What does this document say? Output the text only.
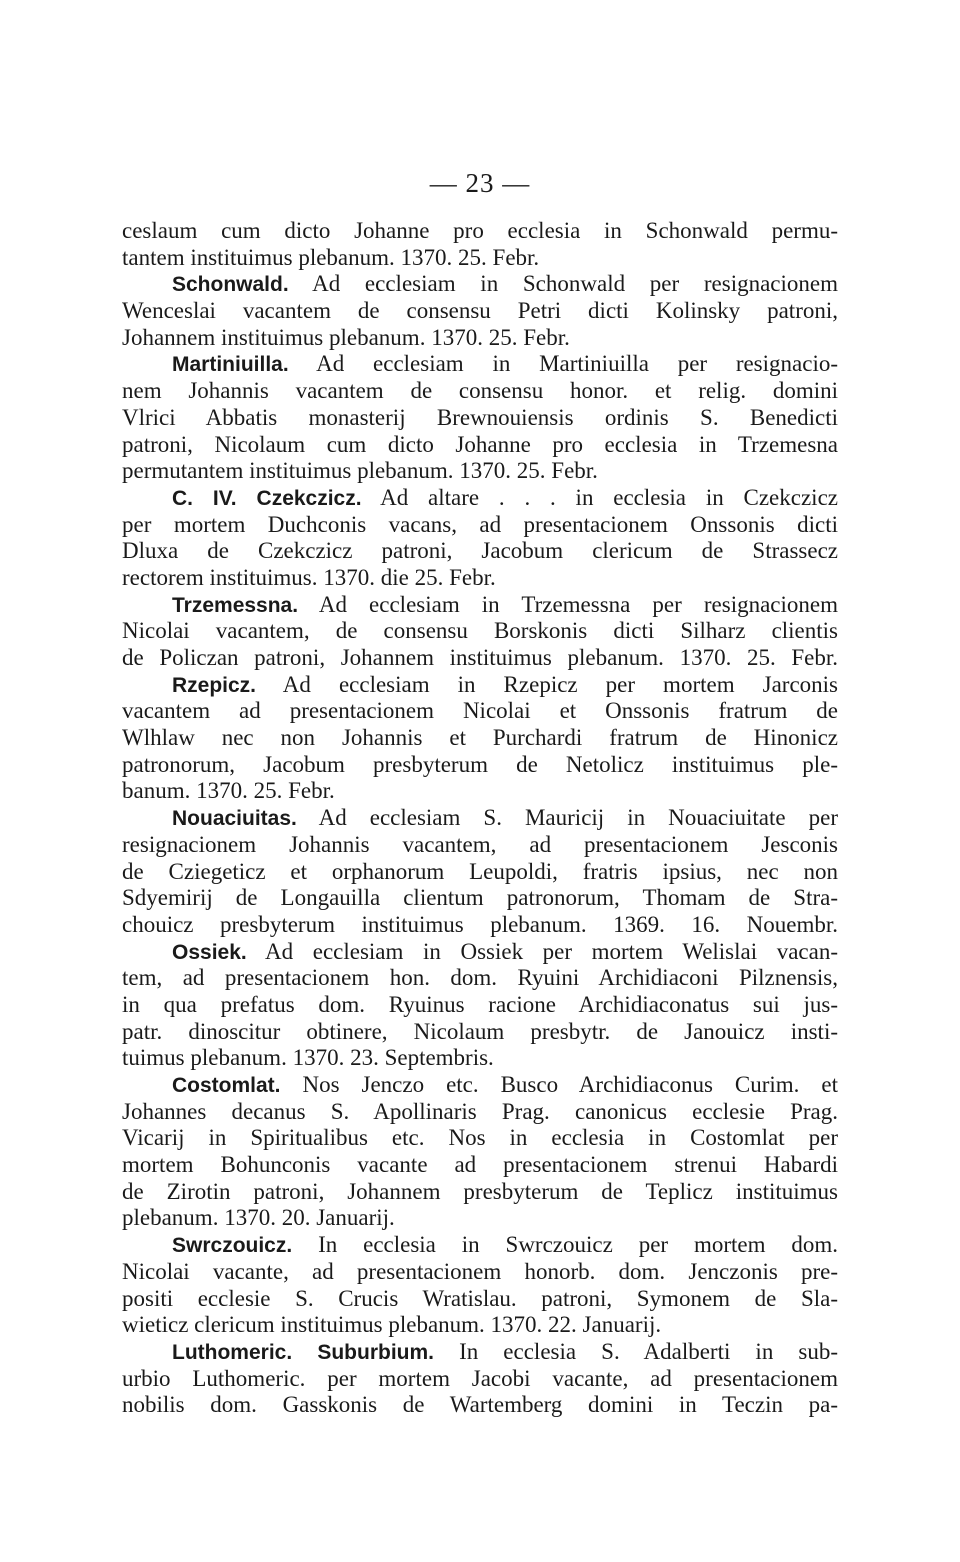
— 23 —
ceslaum cum dicto Johanne pro ecclesia in Schonwald permu-
tantem instituimus plebanum. 1370. 25. Febr.
Schonwald. Ad ecclesiam in Schonwald per resignacionem
Wenceslai vacantem de consensu Petri dicti Kolinsky patroni,
Johannem instituimus plebanum. 1370. 25. Febr.
Martiniuilla. Ad ecclesiam in Martiniuilla per resignacio-
nem Johannis vacantem de consensu honor. et relig. domini
Vlrici Abbatis monasterij Brewnouiensis ordinis S. Benedicti
patroni, Nicolaum cum dicto Johanne pro ecclesia in Trzemesna
permutantem instituimus plebanum. 1370. 25. Febr.
C. IV. Czekczicz. Ad altare . . . in ecclesia in Czekczicz
per mortem Duchconis vacans, ad presentacionem Onssonis dicti
Dluxa de Czekczicz patroni, Jacobum clericum de Strassecz
rectorem instituimus. 1370. die 25. Febr.
Trzemessna. Ad ecclesiam in Trzemessna per resignacionem
Nicolai vacantem, de consensu Borskonis dicti Silharz clientis
de Policzan patroni, Johannem instituimus plebanum. 1370. 25. Febr.
Rzepicz. Ad ecclesiam in Rzepicz per mortem Jarconis
vacantem ad presentacionem Nicolai et Onssonis fratrum de
Wlhlaw nec non Johannis et Purchardi fratrum de Hinonicz
patronorum, Jacobum presbyterum de Netolicz instituimus ple-
banum. 1370. 25. Febr.
Nouaciuitas. Ad ecclesiam S. Mauricij in Nouaciuitate per
resignacionem Johannis vacantem, ad presentacionem Jesconis
de Cziegeticz et orphanorum Leupoldi, fratris ipsius, nec non
Sdyemirij de Longauilla clientum patronorum, Thomam de Stra-
chouicz presbyterum instituimus plebanum. 1369. 16. Nouembr.
Ossiek. Ad ecclesiam in Ossiek per mortem Welislai vacan-
tem, ad presentacionem hon. dom. Ryuini Archidiaconi Pilznensis,
in qua prefatus dom. Ryuinus racione Archidiaconatus sui jus-
patr. dinoscitur obtinere, Nicolaum presbytr. de Janouicz insti-
tuimus plebanum. 1370. 23. Septembris.
Costomlat. Nos Jenczo etc. Busco Archidiaconus Curim. et
Johannes decanus S. Apollinaris Prag. canonicus ecclesie Prag.
Vicarij in Spiritualibus etc. Nos in ecclesia in Costomlat per
mortem Bohunconis vacante ad presentacionem strenui Habardi
de Zirotin patroni, Johannem presbyterum de Teplicz instituimus
plebanum. 1370. 20. Januarij.
Swrczouicz. In ecclesia in Swrczouicz per mortem dom.
Nicolai vacante, ad presentacionem honorb. dom. Jenczonis pre-
positi ecclesie S. Crucis Wratislau. patroni, Symonem de Sla-
wieticz clericum instituimus plebanum. 1370. 22. Januarij.
Luthomeric. Suburbium. In ecclesia S. Adalberti in sub-
urbio Luthomeric. per mortem Jacobi vacante, ad presentacionem
nobilis dom. Gasskonis de Wartemberg domini in Teczin pa-
